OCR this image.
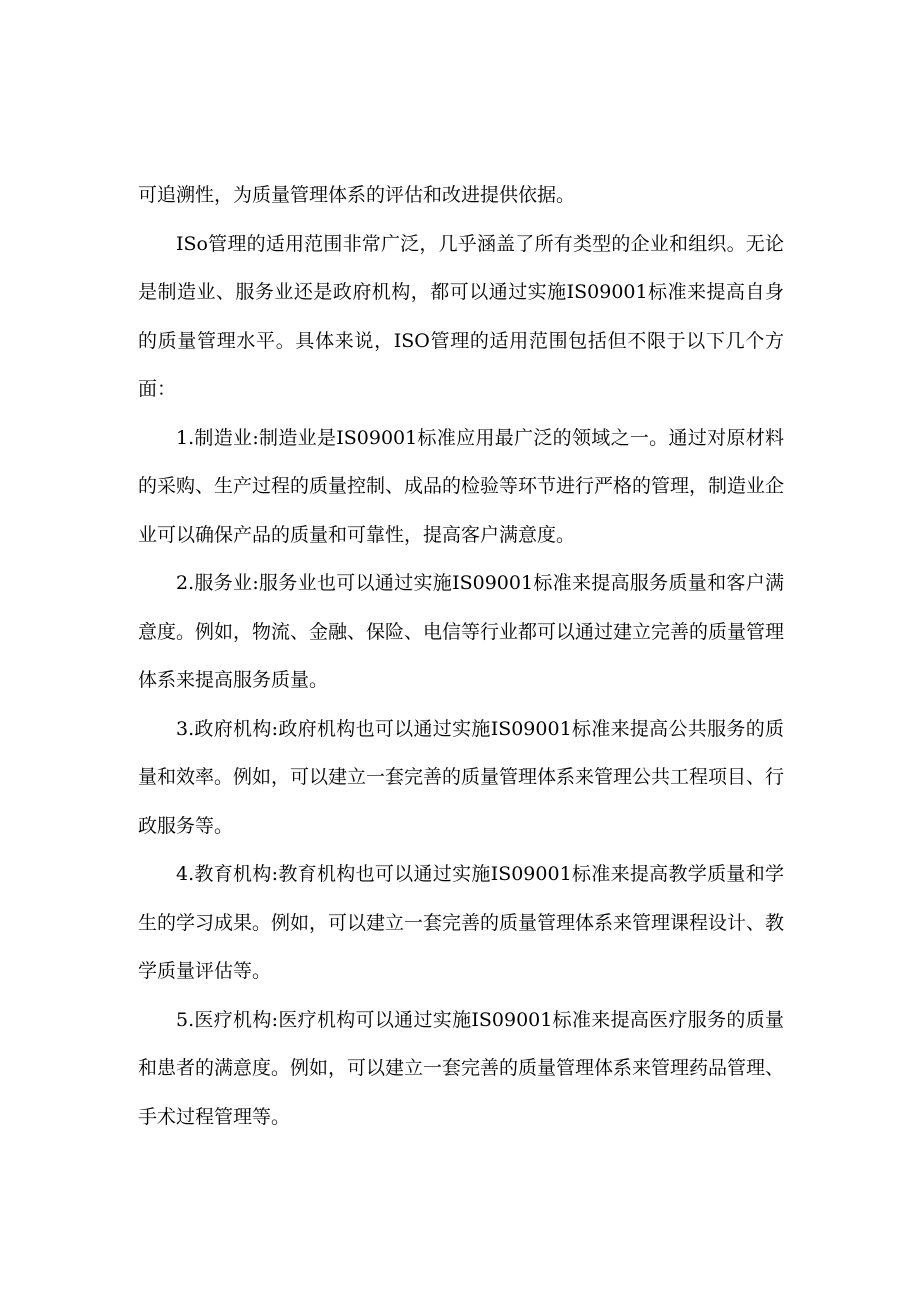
可追溯性，为质量管理体系的评估和改进提供依据。

ISo管理的适用范围非常广泛，几乎涵盖了所有类型的企业和组织。无论是制造业、服务业还是政府机构，都可以通过实施IS09001标准来提高自身的质量管理水平。具体来说，ISO管理的适用范围包括但不限于以下几个方面：

1.制造业:制造业是IS09001标准应用最广泛的领域之一。通过对原材料的采购、生产过程的质量控制、成品的检验等环节进行严格的管理，制造业企业可以确保产品的质量和可靠性，提高客户满意度。

2.服务业:服务业也可以通过实施IS09001标准来提高服务质量和客户满意度。例如，物流、金融、保险、电信等行业都可以通过建立完善的质量管理体系来提高服务质量。

3.政府机构:政府机构也可以通过实施IS09001标准来提高公共服务的质量和效率。例如，可以建立一套完善的质量管理体系来管理公共工程项目、行政服务等。

4.教育机构:教育机构也可以通过实施IS09001标准来提高教学质量和学生的学习成果。例如，可以建立一套完善的质量管理体系来管理课程设计、教学质量评估等。

5.医疗机构:医疗机构可以通过实施IS09001标准来提高医疗服务的质量和患者的满意度。例如，可以建立一套完善的质量管理体系来管理药品管理、手术过程管理等。
